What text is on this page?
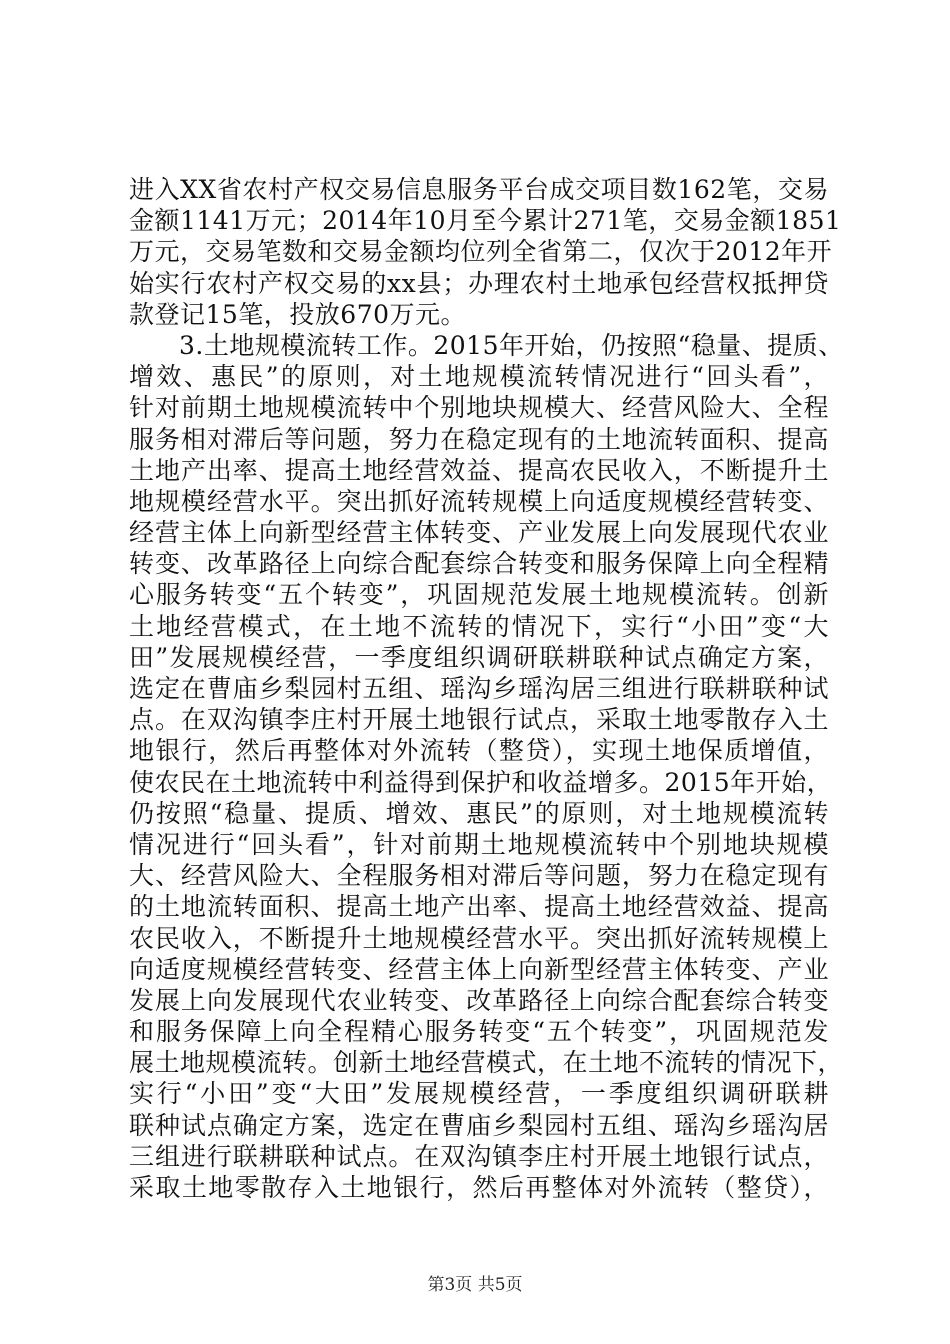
进入XX省农村产权交易信息服务平台成交项目数162笔，交易
金额1141万元；2014年10月至今累计271笔，交易金额1851
万元，交易笔数和交易金额均位列全省第二，仅次于2012年开
始实行农村产权交易的xx县；办理农村土地承包经营权抵押贷
款登记15笔，投放670万元。
3.土地规模流转工作。2015年开始，仍按照“稳量、提质、
增效、惠民”的原则，对土地规模流转情况进行“回头看”，
针对前期土地规模流转中个别地块规模大、经营风险大、全程
服务相对滞后等问题，努力在稳定现有的土地流转面积、提高
土地产出率、提高土地经营效益、提高农民收入，不断提升土
地规模经营水平。突出抓好流转规模上向适度规模经营转变、
经营主体上向新型经营主体转变、产业发展上向发展现代农业
转变、改革路径上向综合配套综合转变和服务保障上向全程精
心服务转变“五个转变”，巩固规范发展土地规模流转。创新
土地经营模式，在土地不流转的情况下，实行“小田”变“大
田”发展规模经营，一季度组织调研联耕联种试点确定方案，
选定在曹庙乡梨园村五组、瑶沟乡瑶沟居三组进行联耕联种试
点。在双沟镇李庄村开展土地银行试点，采取土地零散存入土
地银行，然后再整体对外流转（整贷），实现土地保质增值，
使农民在土地流转中利益得到保护和收益增多。2015年开始，
仍按照“稳量、提质、增效、惠民”的原则，对土地规模流转
情况进行“回头看”，针对前期土地规模流转中个别地块规模
大、经营风险大、全程服务相对滞后等问题，努力在稳定现有
的土地流转面积、提高土地产出率、提高土地经营效益、提高
农民收入，不断提升土地规模经营水平。突出抓好流转规模上
向适度规模经营转变、经营主体上向新型经营主体转变、产业
发展上向发展现代农业转变、改革路径上向综合配套综合转变
和服务保障上向全程精心服务转变“五个转变”，巩固规范发
展土地规模流转。创新土地经营模式，在土地不流转的情况下，
实行“小田”变“大田”发展规模经营，一季度组织调研联耕
联种试点确定方案，选定在曹庙乡梨园村五组、瑶沟乡瑶沟居
三组进行联耕联种试点。在双沟镇李庄村开展土地银行试点，
采取土地零散存入土地银行，然后再整体对外流转（整贷），
第3页 共5页
